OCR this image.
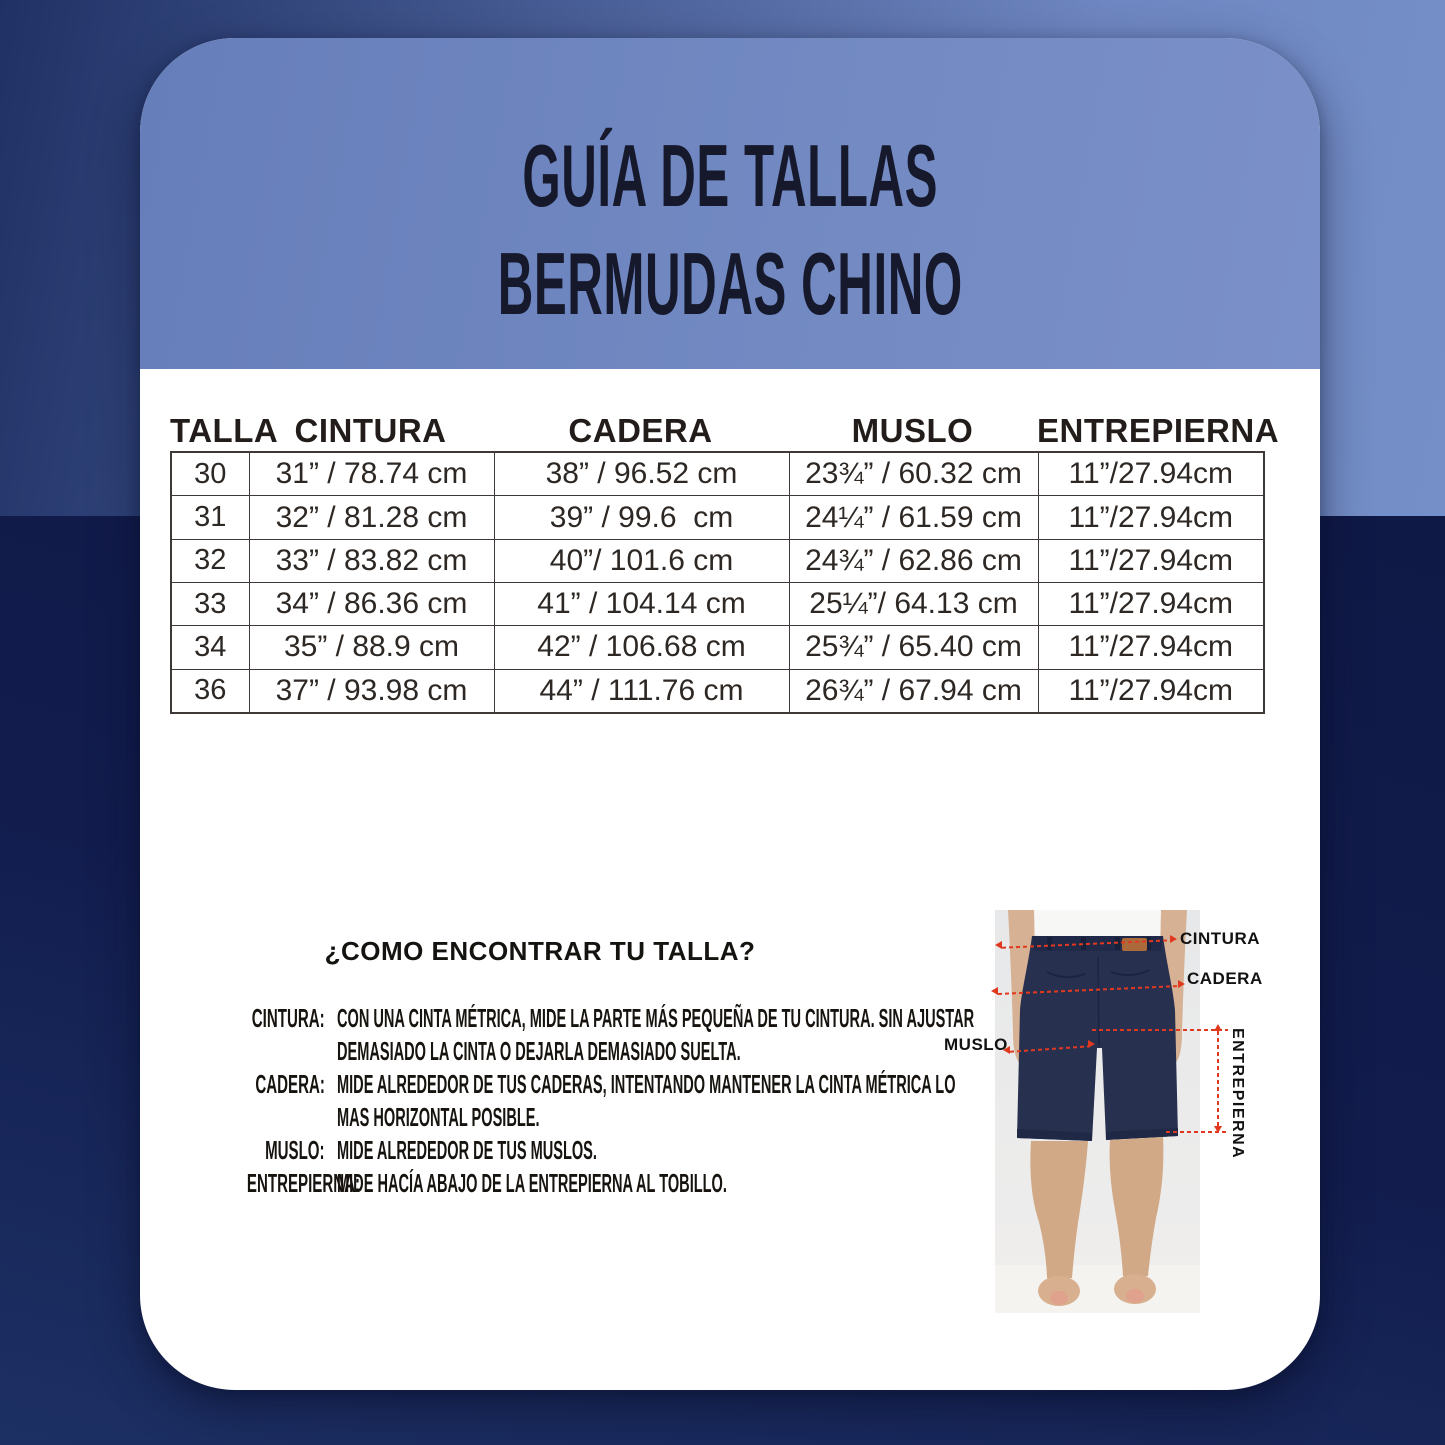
GUÍA DE TALLAS
BERMUDAS CHINO
TALLA CINTURA	CADERA	MUSLO	ENTREPIERNA
30	31” / 78.74 cm	38” / 96.52 cm	23¾” / 60.32 cm	11”/27.94cm
31	32” / 81.28 cm	39” / 99.6  cm	24¼” / 61.59 cm	11”/27.94cm
32	33” / 83.82 cm	40”/ 101.6 cm	24¾” / 62.86 cm	11”/27.94cm
33	34” / 86.36 cm	41” / 104.14 cm	25¼”/ 64.13 cm	11”/27.94cm
34	35” / 88.9 cm	42” / 106.68 cm	25¾” / 65.40 cm	11”/27.94cm
36	37” / 93.98 cm	44” / 111.76 cm	26¾” / 67.94 cm	11”/27.94cm
¿COMO ENCONTRAR TU TALLA?
CINTURA: CON UNA CINTA MÉTRICA, MIDE LA PARTE MÁS PEQUEÑA DE TU CINTURA. SIN AJUSTAR
DEMASIADO LA CINTA O DEJARLA DEMASIADO SUELTA.
CADERA: MIDE ALREDEDOR DE TUS CADERAS, INTENTANDO MANTENER LA CINTA MÉTRICA LO
MAS HORIZONTAL POSIBLE.
MUSLO: MIDE ALREDEDOR DE TUS MUSLOS.
ENTREPIERNA:
MIDE HACÍA ABAJO DE LA ENTREPIERNA AL TOBILLO.
CINTURA
CADERA
MUSLO	ENTREPIERNA
